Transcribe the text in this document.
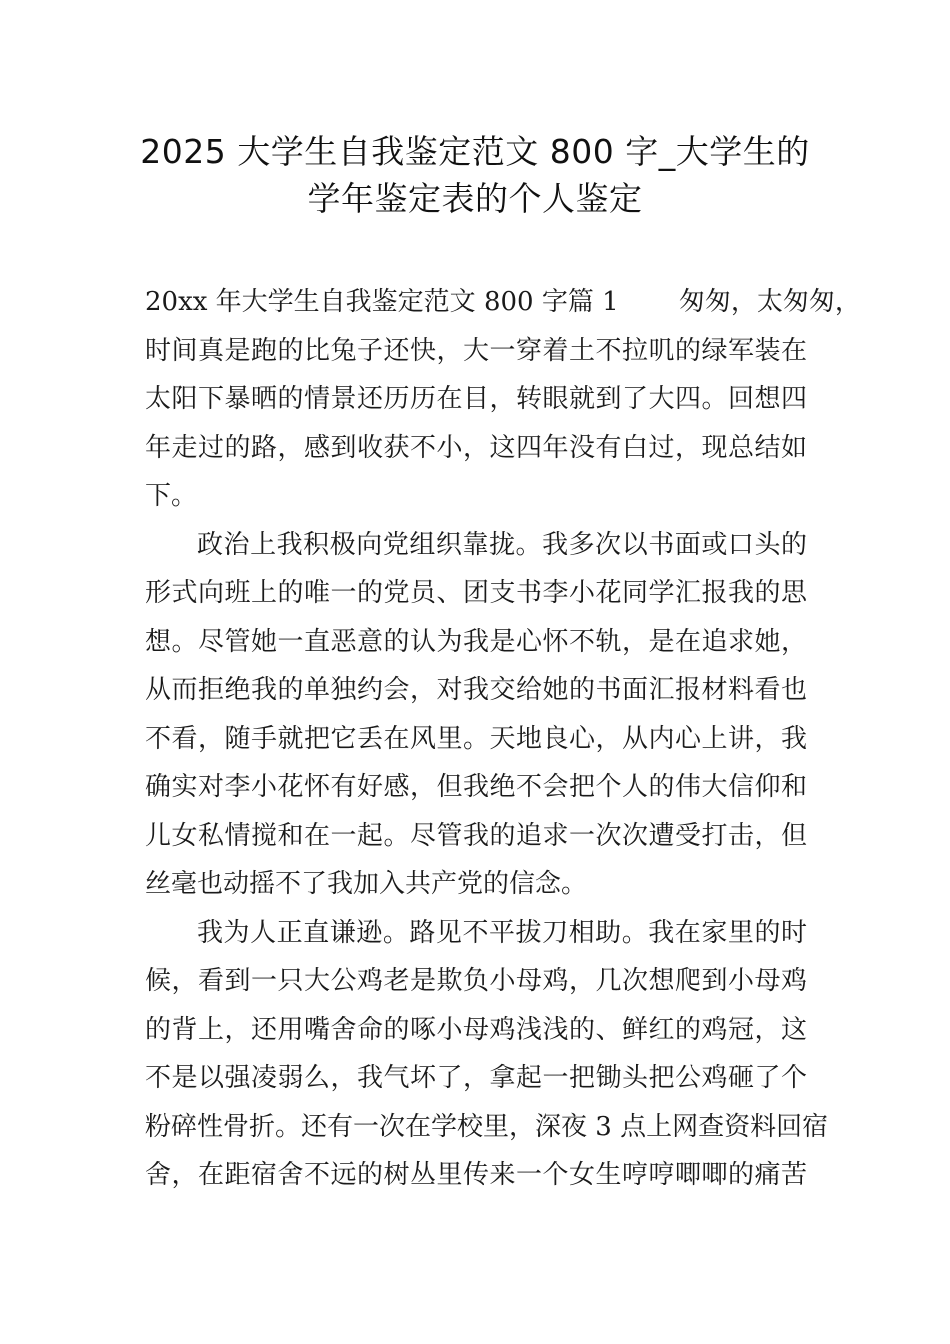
2025 大学生自我鉴定范文 800 字_大学生的
学年鉴定表的个人鉴定
20xx 年大学生自我鉴定范文 800 字篇 1　　 匆匆，太匆匆，
时间真是跑的比兔子还快，大一穿着土不拉叽的绿军装在
太阳下暴晒的情景还历历在目，转眼就到了大四。回想四
年走过的路，感到收获不小，这四年没有白过，现总结如
下。
政治上我积极向党组织靠拢。我多次以书面或口头的
形式向班上的唯一的党员、团支书李小花同学汇报我的思
想。尽管她一直恶意的认为我是心怀不轨，是在追求她，
从而拒绝我的单独约会，对我交给她的书面汇报材料看也
不看，随手就把它丢在风里。天地良心，从内心上讲，我
确实对李小花怀有好感，但我绝不会把个人的伟大信仰和
儿女私情搅和在一起。尽管我的追求一次次遭受打击，但
丝毫也动摇不了我加入共产党的信念。
我为人正直谦逊。路见不平拔刀相助。我在家里的时
候，看到一只大公鸡老是欺负小母鸡，几次想爬到小母鸡
的背上，还用嘴舍命的啄小母鸡浅浅的、鲜红的鸡冠，这
不是以强凌弱么，我气坏了，拿起一把锄头把公鸡砸了个
粉碎性骨折。还有一次在学校里，深夜 3 点上网查资料回宿
舍，在距宿舍不远的树丛里传来一个女生哼哼唧唧的痛苦
